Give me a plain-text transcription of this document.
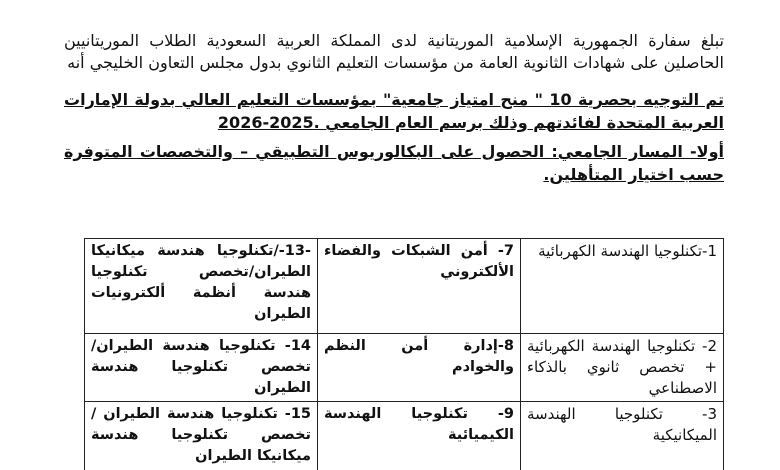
تبلغ سفارة الجمهورية الإسلامية الموريتانية لدى المملكة العربية السعودية الطلاب الموريتانيين الحاصلين على شهادات الثانوية العامة من مؤسسات التعليم الثانوي بدول مجلس التعاون الخليجي أنه
تم التوجيه بحصرية 10 " منح امتياز جامعية" بمؤسسات التعليم العالي بدولة الإمارات العربية المتحدة لفائدتهم وذلك برسم العام الجامعي .2025-2026
أولا- المسار الجامعي: الحصول على البكالوريوس التطبيقي – والتخصصات المتوفرة حسب اختيار المتأهلين.
1-تكنلوجيا الهندسة الكهربائية	7- أمن الشبكات والفضاء الألكتروني	-13-/تكنلوجيا هندسة ميكانيكا الطيران/تخصص تكنلوجيا هندسة أنظمة ألكترونيات الطيران
2- تكنلوجيا الهندسة الكهربائية + تخصص ثانوي بالذكاء الاصطناعي	8-إدارة أمن النظم والخوادم	14- تكنلوجيا هندسة الطيران/ تخصص تكنلوجيا هندسة الطيران
3- تكنلوجيا الهندسة الميكانيكية	9- تكنلوجيا الهندسة الكيميائية	15- تكنلوجيا هندسة الطيران / تخصص تكنلوجيا هندسة ميكانيكا الطيران
